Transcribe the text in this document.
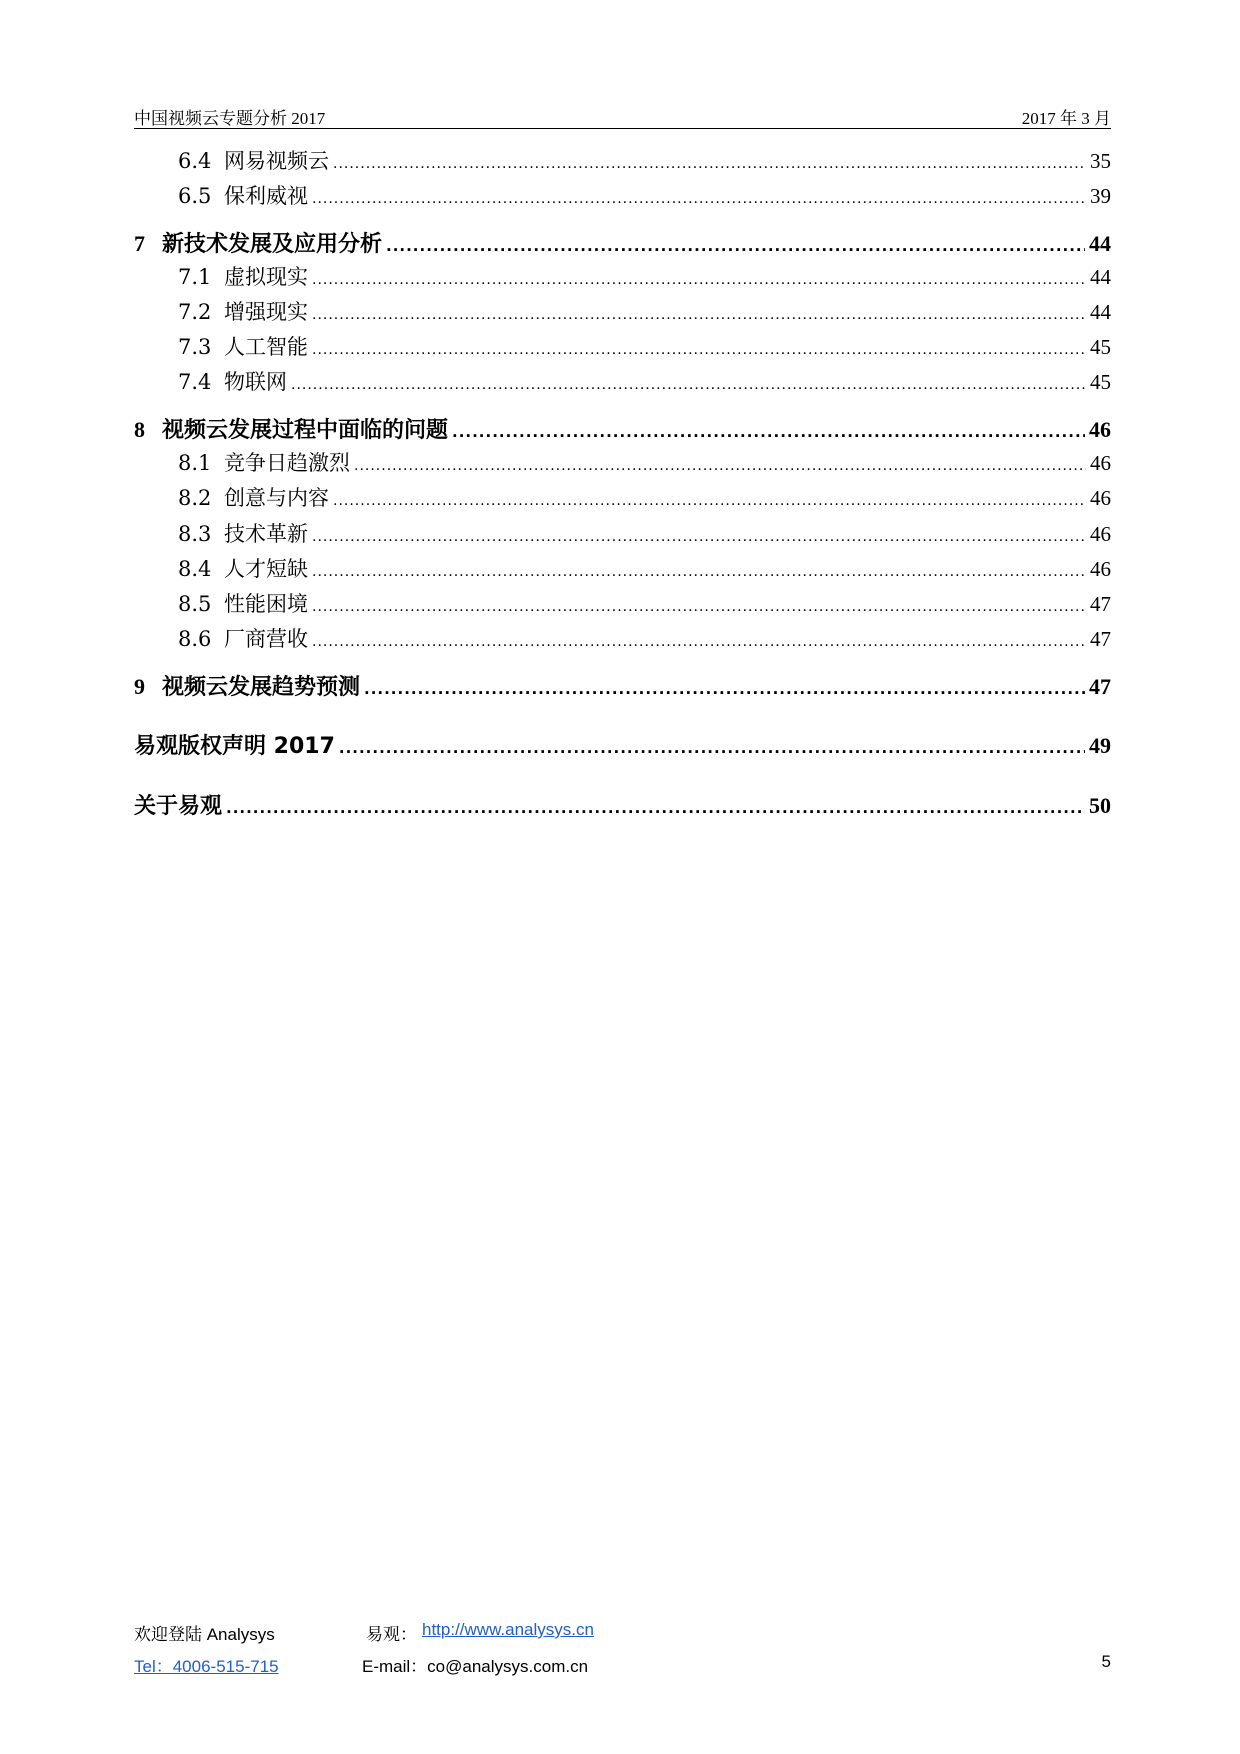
中国视频云专题分析 2017	2017 年 3 月
6.4 网易视频云 .....	35
6.5 保利威视 .....	39
7 新技术发展及应用分析 .....	44
7.1 虚拟现实 .....	44
7.2 增强现实 .....	44
7.3 人工智能 .....	45
7.4 物联网 .....	45
8 视频云发展过程中面临的问题 .....	46
8.1 竞争日趋激烈 .....	46
8.2 创意与内容 .....	46
8.3 技术革新 .....	46
8.4 人才短缺 .....	46
8.5 性能困境 .....	47
8.6 厂商营收 .....	47
9 视频云发展趋势预测 .....	47
易观版权声明 2017 .....	49
关于易观 .....	50
欢迎登陆 Analysys	易观： http://www.analysys.cn
Tel：4006-515-715	E-mail：co@analysys.com.cn	5
